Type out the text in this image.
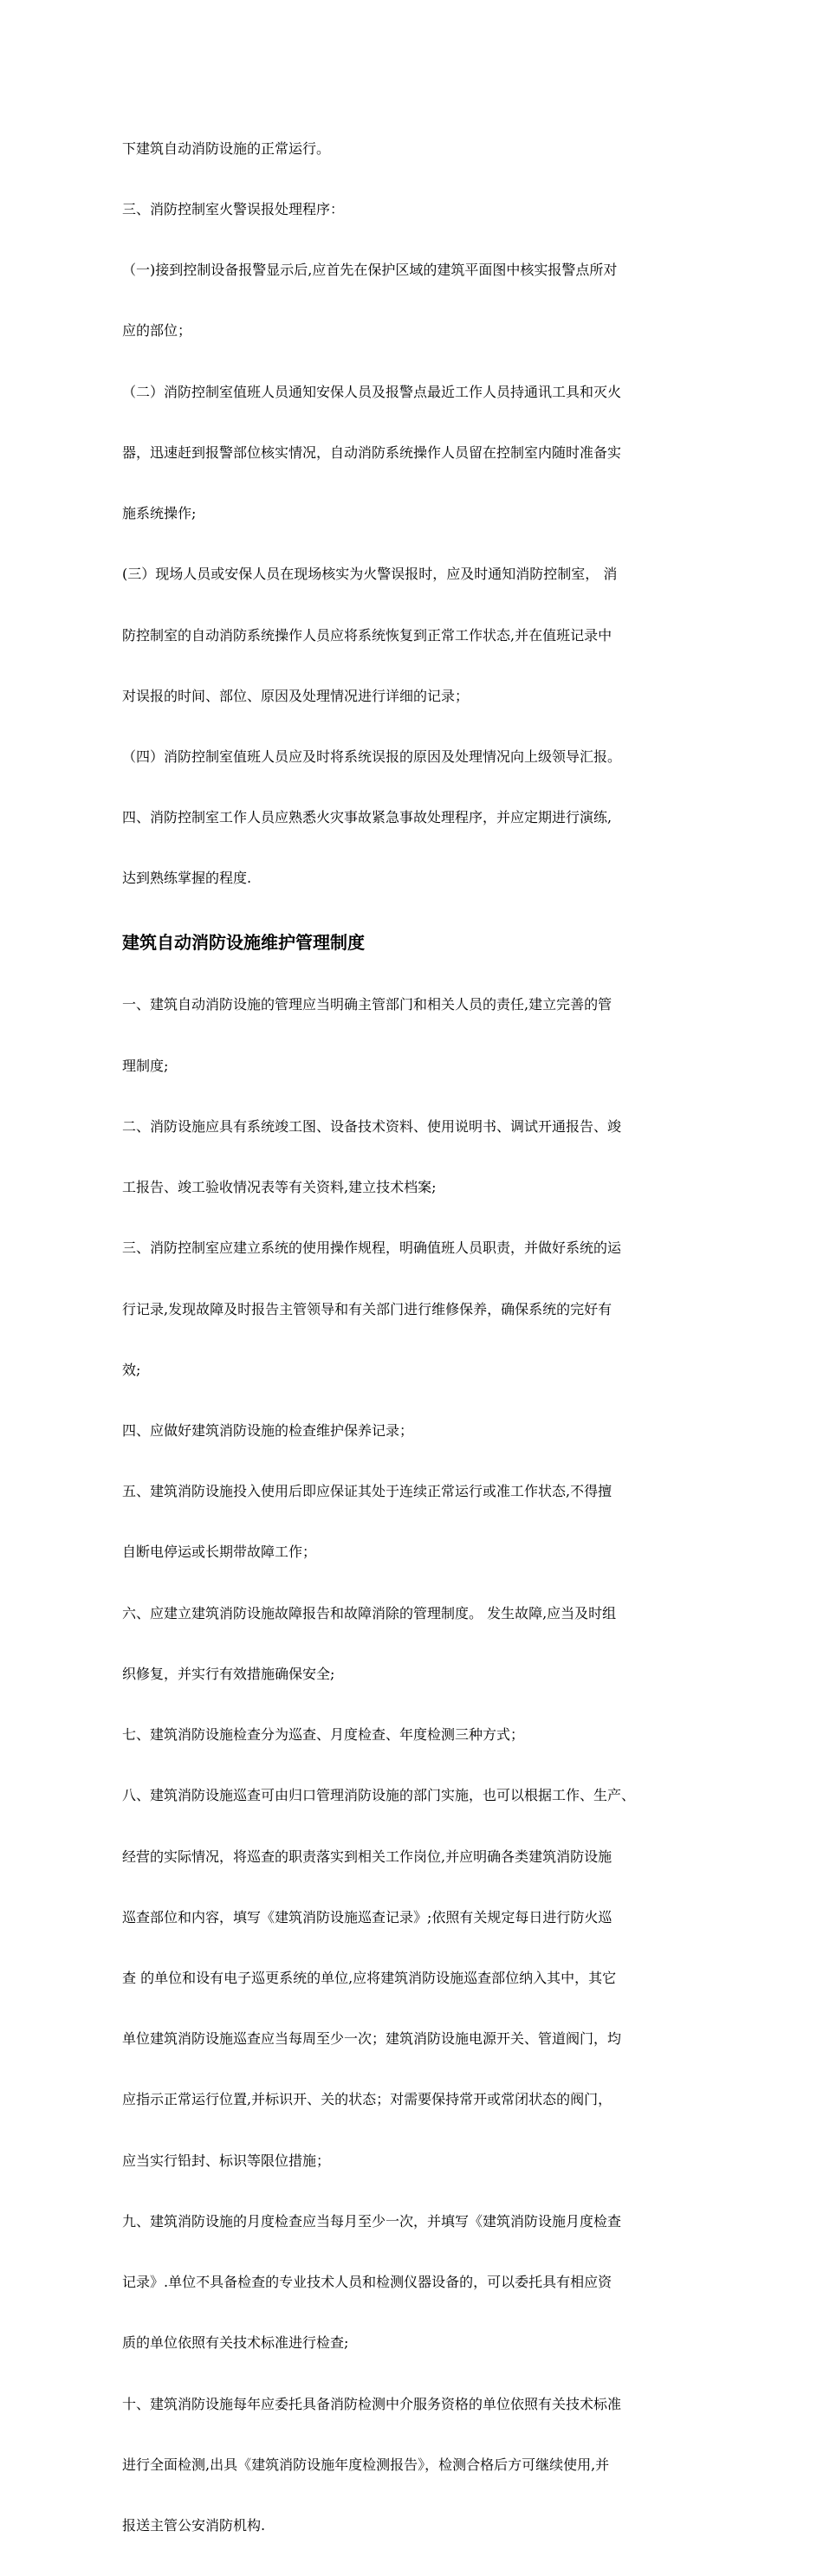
下建筑自动消防设施的正常运行。

三、消防控制室火警误报处理程序：

（一)接到控制设备报警显示后,应首先在保护区域的建筑平面图中核实报警点所对

应的部位；

（二）消防控制室值班人员通知安保人员及报警点最近工作人员持通讯工具和灭火

器，迅速赶到报警部位核实情况，自动消防系统操作人员留在控制室内随时准备实

施系统操作;

(三）现场人员或安保人员在现场核实为火警误报时，应及时通知消防控制室， 消

防控制室的自动消防系统操作人员应将系统恢复到正常工作状态,并在值班记录中

对误报的时间、部位、原因及处理情况进行详细的记录；

（四）消防控制室值班人员应及时将系统误报的原因及处理情况向上级领导汇报。

四、消防控制室工作人员应熟悉火灾事故紧急事故处理程序，并应定期进行演练,

达到熟练掌握的程度.

建筑自动消防设施维护管理制度

一、建筑自动消防设施的管理应当明确主管部门和相关人员的责任,建立完善的管

理制度;

二、消防设施应具有系统竣工图、设备技术资料、使用说明书、调试开通报告、竣

工报告、竣工验收情况表等有关资料,建立技术档案;

三、消防控制室应建立系统的使用操作规程，明确值班人员职责，并做好系统的运

行记录,发现故障及时报告主管领导和有关部门进行维修保养，确保系统的完好有

效;

四、应做好建筑消防设施的检查维护保养记录；

五、建筑消防设施投入使用后即应保证其处于连续正常运行或准工作状态,不得擅

自断电停运或长期带故障工作；

六、应建立建筑消防设施故障报告和故障消除的管理制度。 发生故障,应当及时组

织修复，并实行有效措施确保安全;

七、建筑消防设施检查分为巡查、月度检查、年度检测三种方式；

八、建筑消防设施巡查可由归口管理消防设施的部门实施，也可以根据工作、生产、

经营的实际情况，将巡查的职责落实到相关工作岗位,并应明确各类建筑消防设施

巡查部位和内容，填写《建筑消防设施巡查记录》;依照有关规定每日进行防火巡

查 的单位和设有电子巡更系统的单位,应将建筑消防设施巡查部位纳入其中，其它

单位建筑消防设施巡查应当每周至少一次；建筑消防设施电源开关、管道阀门，均

应指示正常运行位置,并标识开、关的状态；对需要保持常开或常闭状态的阀门，

应当实行铅封、标识等限位措施；

九、建筑消防设施的月度检查应当每月至少一次，并填写《建筑消防设施月度检查

记录》.单位不具备检查的专业技术人员和检测仪器设备的，可以委托具有相应资

质的单位依照有关技术标准进行检查;

十、建筑消防设施每年应委托具备消防检测中介服务资格的单位依照有关技术标准

进行全面检测,出具《建筑消防设施年度检测报告》，检测合格后方可继续使用,并

报送主管公安消防机构.
